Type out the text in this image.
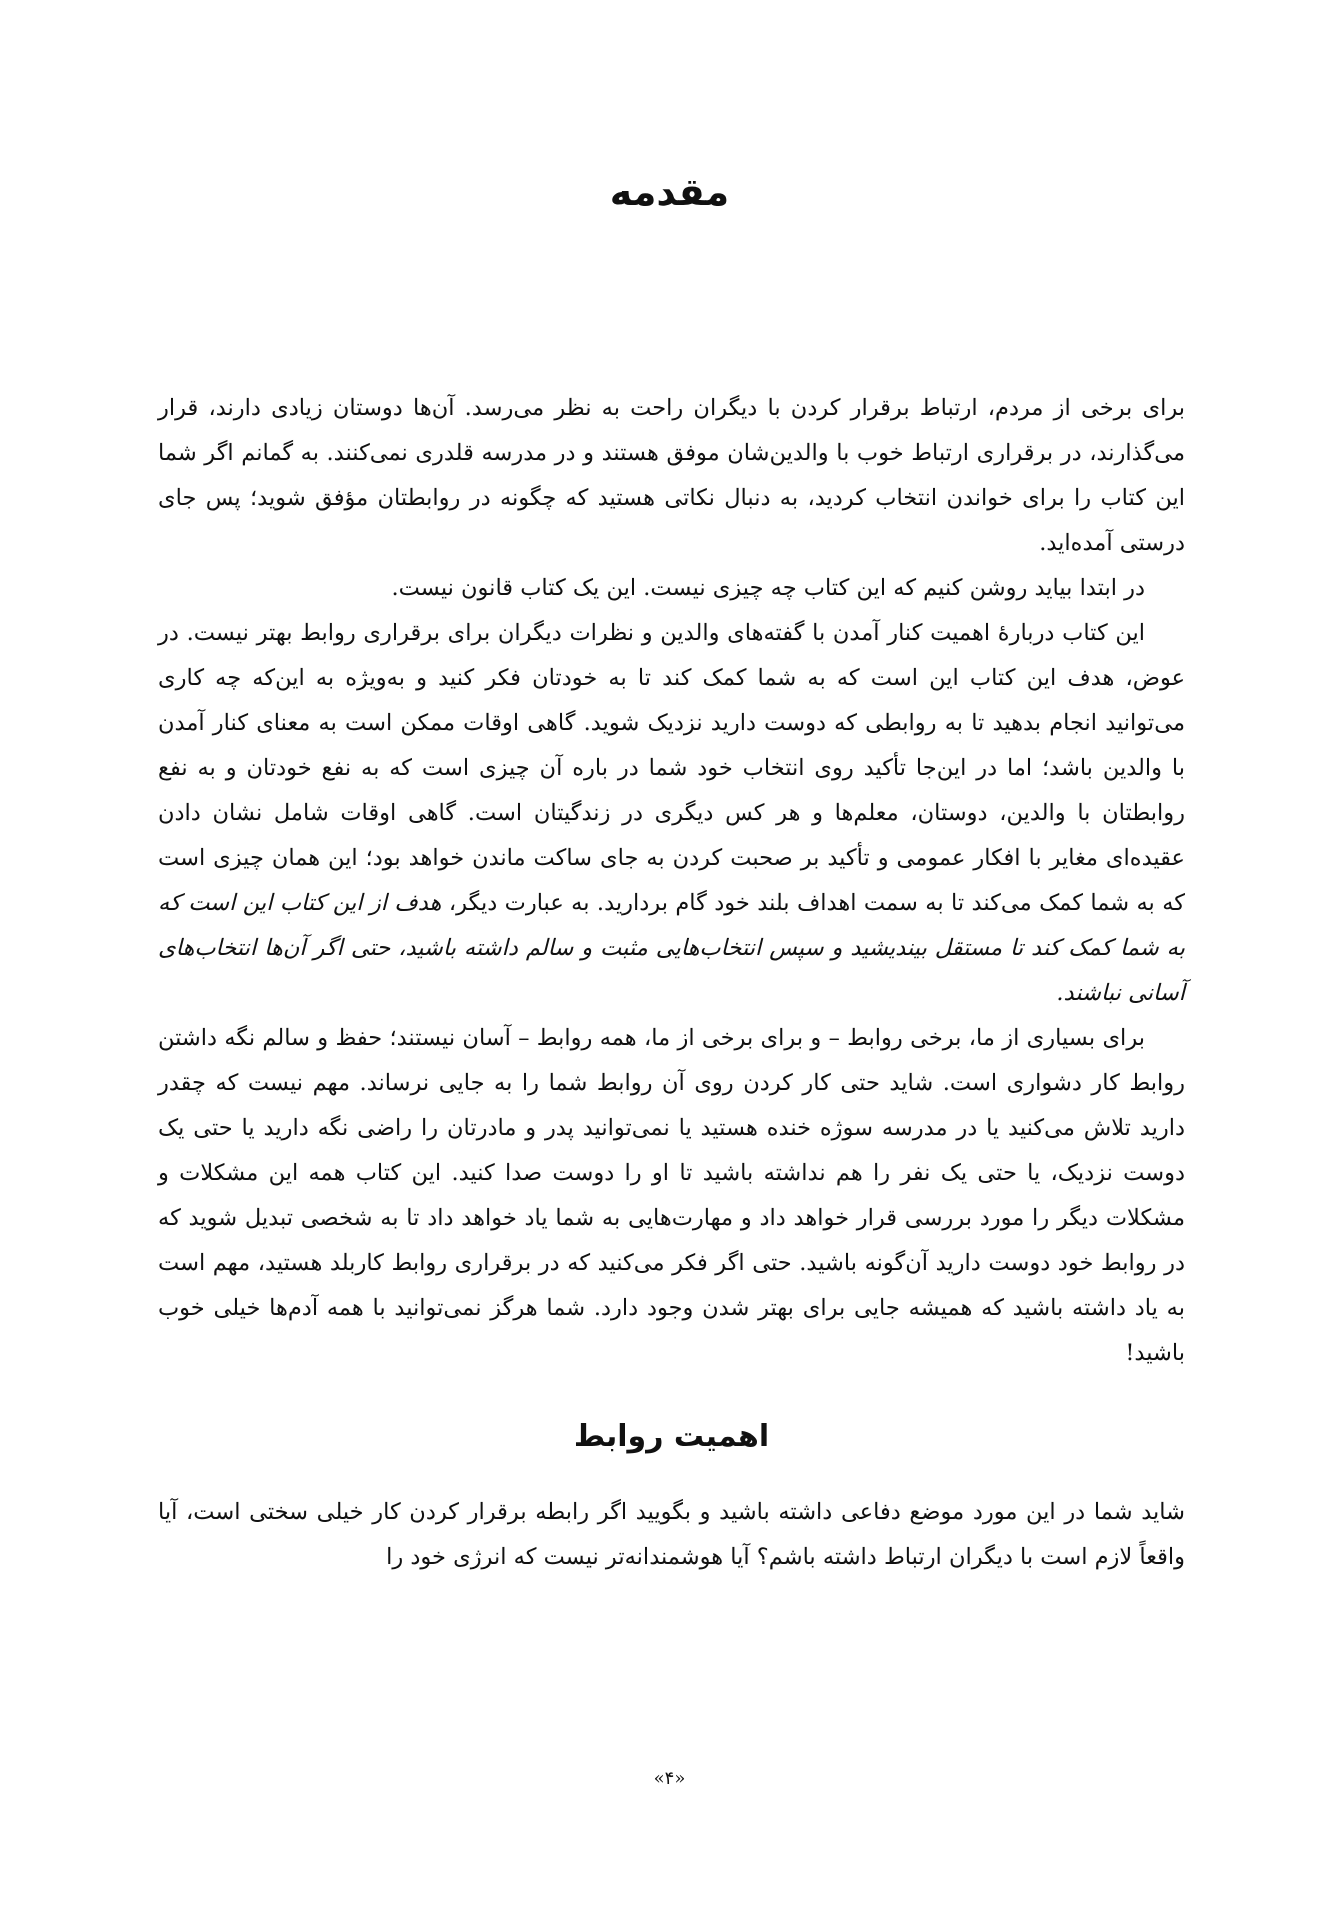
مقدمه

برای برخی از مردم، ارتباط برقرار کردن با دیگران راحت به نظر می‌رسد. آن‌ها دوستان زیادی دارند، قرار می‌گذارند، در برقراری ارتباط خوب با والدین‌شان موفق هستند و در مدرسه قلدری نمی‌کنند. به گمانم اگر شما این کتاب را برای خواندن انتخاب کردید، به دنبال نکاتی هستید که چگونه در روابطتان مؤفق شوید؛ پس جای درستی آمده‌اید.

در ابتدا بیاید روشن کنیم که این کتاب چه چیزی نیست. این یک کتاب قانون نیست.

این کتاب دربارهٔ اهمیت کنار آمدن با گفته‌های والدین و نظرات دیگران برای برقراری روابط بهتر نیست. در عوض، هدف این کتاب این است که به شما کمک کند تا به خودتان فکر کنید و به‌ویژه به این‌که چه کاری می‌توانید انجام بدهید تا به روابطی که دوست دارید نزدیک شوید. گاهی اوقات ممکن است به معنای کنار آمدن با والدین باشد؛ اما در این‌جا تأکید روی انتخاب خود شما در باره آن چیزی است که به نفع خودتان و به نفع روابطتان با والدین، دوستان، معلم‌ها و هر کس دیگری در زندگیتان است. گاهی اوقات شامل نشان دادن عقیده‌ای مغایر با افکار عمومی و تأکید بر صحبت کردن به جای ساکت ماندن خواهد بود؛ این همان چیزی است که به شما کمک می‌کند تا به سمت اهداف بلند خود گام بردارید. به عبارت دیگر، هدف از این کتاب این است که به شما کمک کند تا مستقل بیندیشید و سپس انتخاب‌هایی مثبت و سالم داشته باشید، حتی اگر آن‌ها انتخاب‌های آسانی نباشند.

برای بسیاری از ما، برخی روابط – و برای برخی از ما، همه روابط – آسان نیستند؛ حفظ و سالم نگه داشتن روابط کار دشواری است. شاید حتی کار کردن روی آن روابط شما را به جایی نرساند. مهم نیست که چقدر دارید تلاش می‌کنید یا در مدرسه سوژه خنده هستید یا نمی‌توانید پدر و مادرتان را راضی نگه دارید یا حتی یک دوست نزدیک، یا حتی یک نفر را هم نداشته باشید تا او را دوست صدا کنید. این کتاب همه این مشکلات و مشکلات دیگر را مورد بررسی قرار خواهد داد و مهارت‌هایی به شما یاد خواهد داد تا به شخصی تبدیل شوید که در روابط خود دوست دارید آن‌گونه باشید. حتی اگر فکر می‌کنید که در برقراری روابط کاربلد هستید، مهم است به یاد داشته باشید که همیشه جایی برای بهتر شدن وجود دارد. شما هرگز نمی‌توانید با همه آدم‌ها خیلی خوب باشید!

اهمیت روابط

شاید شما در این مورد موضع دفاعی داشته باشید و بگویید اگر رابطه برقرار کردن کار خیلی سختی است، آیا واقعاً لازم است با دیگران ارتباط داشته باشم؟ آیا هوشمندانه‌تر نیست که انرژی خود را

«۴»
